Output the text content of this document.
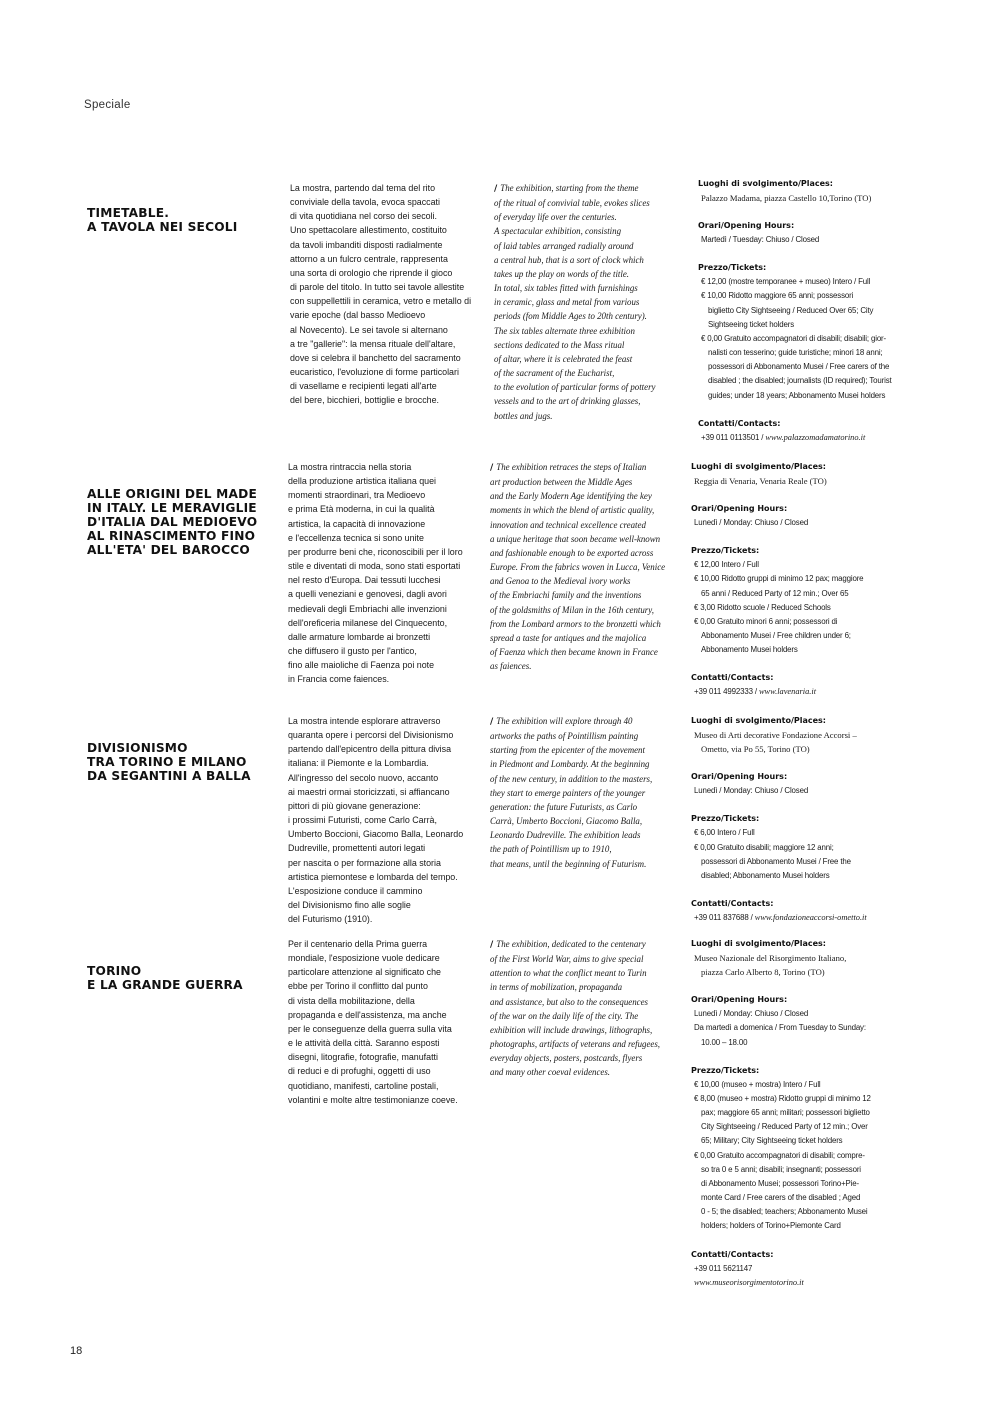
Speciale
TIMETABLE.
A TAVOLA NEI SECOLI
La mostra, partendo dal tema del rito
conviviale della tavola, evoca spaccati
di vita quotidiana nel corso dei secoli.
Uno spettacolare allestimento, costituito
da tavoli imbanditi disposti radialmente
attorno a un fulcro centrale, rappresenta
una sorta di orologio che riprende il gioco
di parole del titolo. In tutto sei tavole allestite
con suppellettili in ceramica, vetro e metallo di
varie epoche (dal basso Medioevo
al Novecento). Le sei tavole si alternano
a tre "gallerie": la mensa rituale dell'altare,
dove si celebra il banchetto del sacramento
eucaristico, l'evoluzione di forme particolari
di vasellame e recipienti legati all'arte
del bere, bicchieri, bottiglie e brocche.
/ The exhibition, starting from the theme
of the ritual of convivial table, evokes slices
of everyday life over the centuries.
A spectacular exhibition, consisting
of laid tables arranged radially around
a central hub, that is a sort of clock which
takes up the play on words of the title.
In total, six tables fitted with furnishings
in ceramic, glass and metal from various
periods (fom Middle Ages to 20th century).
The six tables alternate three exhibition
sections dedicated to the Mass ritual
of altar, where it is celebrated the feast
of the sacrament of the Eucharist,
to the evolution of particular forms of pottery
vessels and to the art of drinking glasses,
bottles and jugs.
Luoghi di svolgimento/Places:
Palazzo Madama, piazza Castello 10,Torino (TO)
Orari/Opening Hours:
Martedì / Tuesday: Chiuso / Closed
Prezzo/Tickets:
€ 12,00 (mostre temporanee + museo) Intero / Full
€ 10,00 Ridotto maggiore 65 anni; possessori
biglietto City Sightseeing / Reduced Over 65; City
Sightseeing ticket holders
€ 0,00 Gratuito accompagnatori di disabili; disabili; gior-
nalisti con tesserino; guide turistiche; minori 18 anni;
possessori di Abbonamento Musei / Free carers of the
disabled ; the disabled; journalists (ID required); Tourist
guides; under 18 years; Abbonamento Musei holders
Contatti/Contacts:
+39 011 0113501 / www.palazzomadamatorino.it
ALLE ORIGINI DEL MADE
IN ITALY. LE MERAVIGLIE
D'ITALIA DAL MEDIOEVO
AL RINASCIMENTO FINO
ALL'ETA' DEL BAROCCO
La mostra rintraccia nella storia
della produzione artistica italiana quei
momenti straordinari, tra Medioevo
e prima Età moderna, in cui la qualità
artistica, la capacità di innovazione
e l'eccellenza tecnica si sono unite
per produrre beni che, riconoscibili per il loro
stile e diventati di moda, sono stati esportati
nel resto d'Europa. Dai tessuti lucchesi
a quelli veneziani e genovesi, dagli avori
medievali degli Embriachi alle invenzioni
dell'oreficeria milanese del Cinquecento,
dalle armature lombarde ai bronzetti
che diffusero il gusto per l'antico,
fino alle maioliche di Faenza poi note
in Francia come faiences.
/ The exhibition retraces the steps of Italian
art production between the Middle Ages
and the Early Modern Age identifying the key
moments in which the blend of artistic quality,
innovation and technical excellence created
a unique heritage that soon became well-known
and fashionable enough to be exported across
Europe. From the fabrics woven in Lucca, Venice
and Genoa to the Medieval ivory works
of the Embriachi family and the inventions
of the goldsmiths of Milan in the 16th century,
from the Lombard armors to the bronzetti which
spread a taste for antiques and the majolica
of Faenza which then became known in France
as faiences.
Luoghi di svolgimento/Places:
Reggia di Venaria, Venaria Reale (TO)
Orari/Opening Hours:
Lunedì / Monday: Chiuso / Closed
Prezzo/Tickets:
€ 12,00 Intero / Full
€ 10,00 Ridotto gruppi di minimo 12 pax; maggiore
65 anni / Reduced Party of 12 min.; Over 65
€ 3,00 Ridotto scuole / Reduced Schools
€ 0,00 Gratuito minori 6 anni; possessori di
Abbonamento Musei / Free children under 6;
Abbonamento Musei holders
Contatti/Contacts:
+39 011 4992333 / www.lavenaria.it
DIVISIONISMO
TRA TORINO E MILANO
DA SEGANTINI A BALLA
La mostra intende esplorare attraverso
quaranta opere i percorsi del Divisionismo
partendo dall'epicentro della pittura divisa
italiana: il Piemonte e la Lombardia.
All'ingresso del secolo nuovo, accanto
ai maestri ormai storicizzati, si affiancano
pittori di più giovane generazione:
i prossimi Futuristi, come Carlo Carrà,
Umberto Boccioni, Giacomo Balla, Leonardo
Dudreville, promettenti autori legati
per nascita o per formazione alla storia
artistica piemontese e lombarda del tempo.
L'esposizione conduce il cammino
del Divisionismo fino alle soglie
del Futurismo (1910).
/ The exhibition will explore through 40
artworks the paths of Pointillism painting
starting from the epicenter of the movement
in Piedmont and Lombardy. At the beginning
of the new century, in addition to the masters,
they start to emerge painters of the younger
generation: the future Futurists, as Carlo
Carrà, Umberto Boccioni, Giacomo Balla,
Leonardo Dudreville. The exhibition leads
the path of Pointillism up to 1910,
that means, until the beginning of Futurism.
Luoghi di svolgimento/Places:
Museo di Arti decorative Fondazione Accorsi –
Ometto, via Po 55, Torino (TO)
Orari/Opening Hours:
Lunedì / Monday: Chiuso / Closed
Prezzo/Tickets:
€ 6,00 Intero / Full
€ 0,00 Gratuito disabili; maggiore 12 anni;
possessori di Abbonamento Musei / Free the
disabled; Abbonamento Musei holders
Contatti/Contacts:
+39 011 837688 / www.fondazioneaccorsi-ometto.it
TORINO
E LA GRANDE GUERRA
Per il centenario della Prima guerra
mondiale, l'esposizione vuole dedicare
particolare attenzione al significato che
ebbe per Torino il conflitto dal punto
di vista della mobilitazione, della
propaganda e dell'assistenza, ma anche
per le conseguenze della guerra sulla vita
e le attività della città. Saranno esposti
disegni, litografie, fotografie, manufatti
di reduci e di profughi, oggetti di uso
quotidiano, manifesti, cartoline postali,
volantini e molte altre testimonianze coeve.
/ The exhibition, dedicated to the centenary
of the First World War, aims to give special
attention to what the conflict meant to Turin
in terms of mobilization, propaganda
and assistance, but also to the consequences
of the war on the daily life of the city. The
exhibition will include drawings, lithographs,
photographs, artifacts of veterans and refugees,
everyday objects, posters, postcards, flyers
and many other coeval evidences.
Luoghi di svolgimento/Places:
Museo Nazionale del Risorgimento Italiano,
piazza Carlo Alberto 8, Torino (TO)
Orari/Opening Hours:
Lunedì / Monday: Chiuso / Closed
Da martedì a domenica / From Tuesday to Sunday:
10.00 – 18.00
Prezzo/Tickets:
€ 10,00 (museo + mostra) Intero / Full
€ 8,00 (museo + mostra) Ridotto gruppi di minimo 12
pax; maggiore 65 anni; militari; possessori biglietto
City Sightseeing / Reduced Party of 12 min.; Over
65; Military; City Sightseeing ticket holders
€ 0,00 Gratuito accompagnatori di disabili; compre-
so tra 0 e 5 anni; disabili; insegnanti; possessori
di Abbonamento Musei; possessori Torino+Pie-
monte Card / Free carers of the disabled ; Aged
0 - 5; the disabled; teachers; Abbonamento Musei
holders; holders of Torino+Piemonte Card
Contatti/Contacts:
+39 011 5621147
www.museorisorgimentotorino.it
18
